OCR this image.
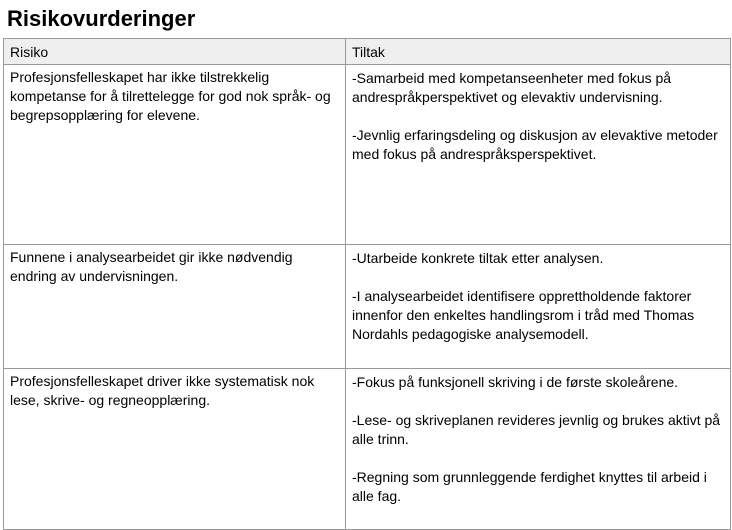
Risikovurderinger
Risiko	Tiltak

Profesjonsfelleskapet har ikke tilstrekkelig kompetanse for å tilrettelegge for god nok språk- og begrepsopplæring for elevene.	-Samarbeid med kompetanseenheter med fokus på andrespråkperspektivet og elevaktiv undervisning.

-Jevnlig erfaringsdeling og diskusjon av elevaktive metoder med fokus på andrespråksperspektivet.

Funnene i analysearbeidet gir ikke nødvendig endring av undervisningen.	-Utarbeide konkrete tiltak etter analysen.

-I analysearbeidet identifisere opprettholdende faktorer innenfor den enkeltes handlingsrom i tråd med Thomas Nordahls pedagogiske analysemodell.

Profesjonsfelleskapet driver ikke systematisk nok lese, skrive- og regneopplæring.	-Fokus på funksjonell skriving i de første skoleårene.

-Lese- og skriveplanen revideres jevnlig og brukes aktivt på alle trinn.

-Regning som grunnleggende ferdighet knyttes til arbeid i alle fag.
